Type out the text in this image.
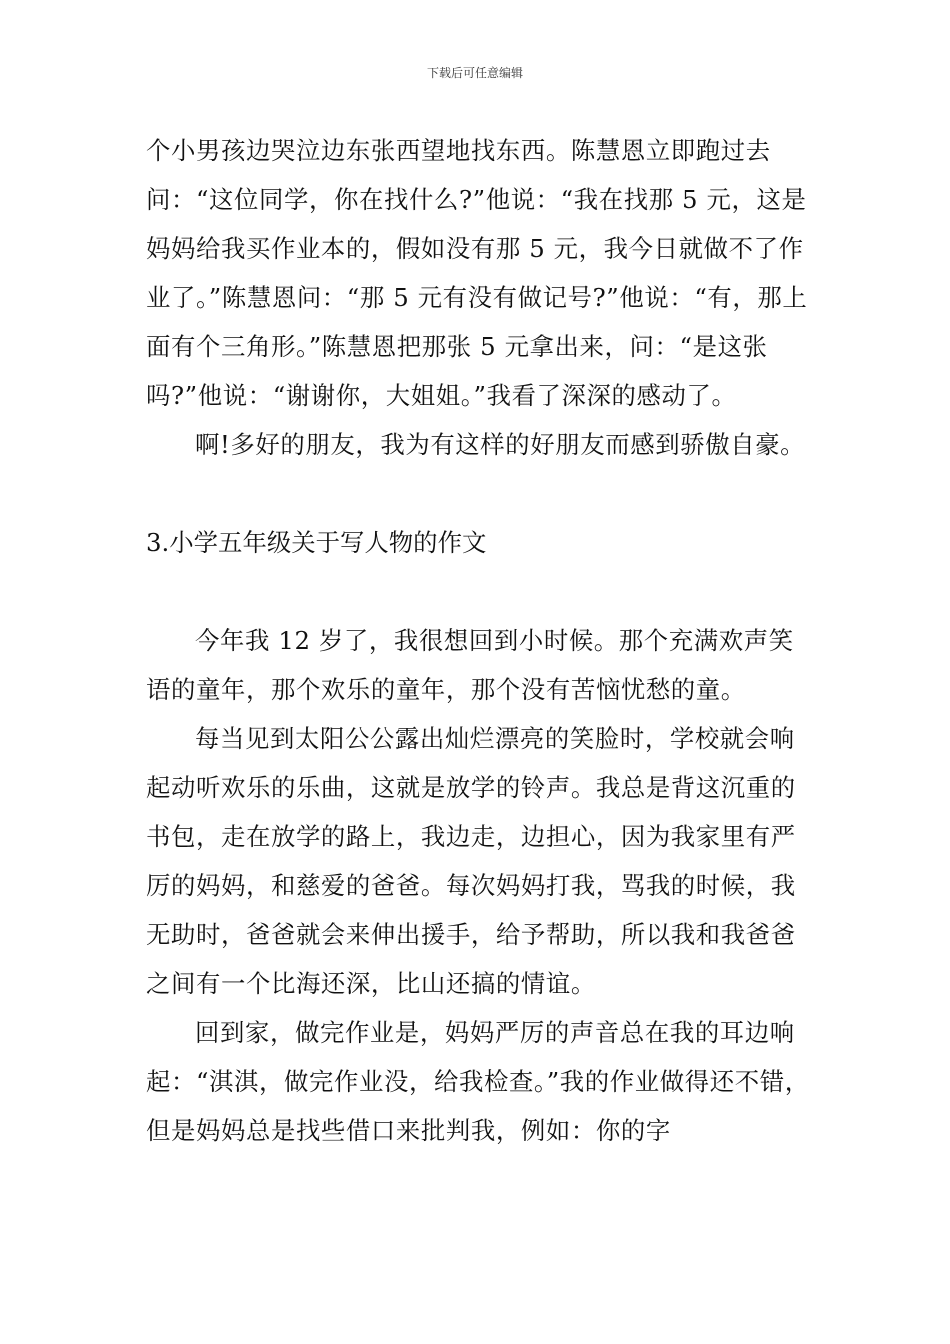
下载后可任意编辑

个小男孩边哭泣边东张西望地找东西。陈慧恩立即跑过去问：“这位同学，你在找什么?”他说：“我在找那 5 元，这是妈妈给我买作业本的，假如没有那 5 元，我今日就做不了作业了。”陈慧恩问：“那 5 元有没有做记号?”他说：“有，那上面有个三角形。”陈慧恩把那张 5 元拿出来，问：“是这张吗?”他说：“谢谢你，大姐姐。”我看了深深的感动了。

啊!多好的朋友，我为有这样的好朋友而感到骄傲自豪。

3.小学五年级关于写人物的作文

今年我 12 岁了，我很想回到小时候。那个充满欢声笑语的童年，那个欢乐的童年，那个没有苦恼忧愁的童。

每当见到太阳公公露出灿烂漂亮的笑脸时，学校就会响起动听欢乐的乐曲，这就是放学的铃声。我总是背这沉重的书包，走在放学的路上，我边走，边担心，因为我家里有严厉的妈妈，和慈爱的爸爸。每次妈妈打我，骂我的时候，我无助时，爸爸就会来伸出援手，给予帮助，所以我和我爸爸之间有一个比海还深，比山还搞的情谊。

回到家，做完作业是，妈妈严厉的声音总在我的耳边响起：“淇淇，做完作业没，给我检查。”我的作业做得还不错，但是妈妈总是找些借口来批判我，例如：你的字
